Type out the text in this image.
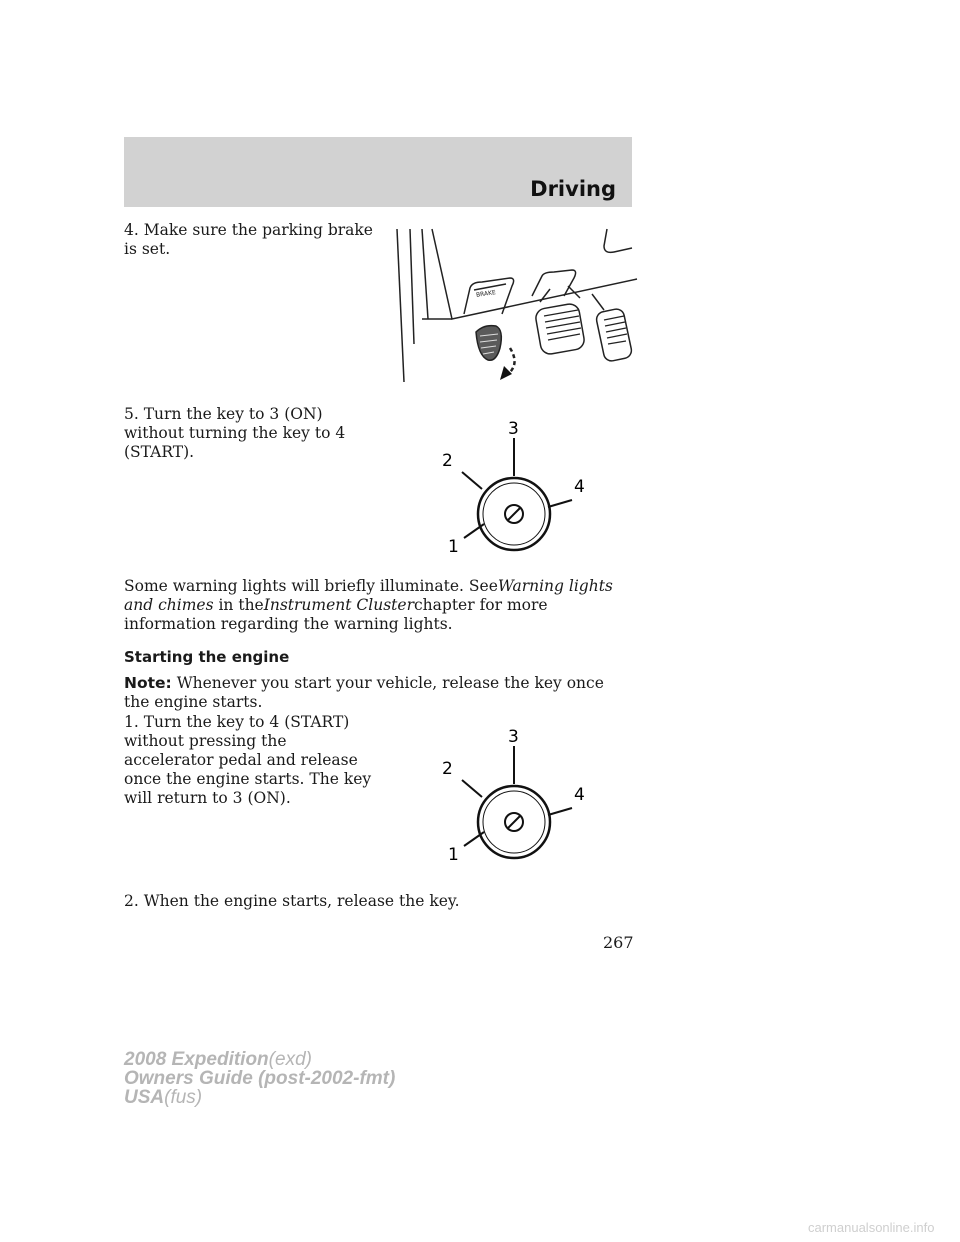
Driving
4. Make sure the parking brake is set.
BRAKE
5. Turn the key to 3 (ON) without turning the key to 4 (START).
3
2
4
1
Some warning lights will briefly illuminate. SeeWarning lights and chimes in theInstrument Clusterchapter for more information regarding the warning lights.
Starting the engine
Note: Whenever you start your vehicle, release the key once the engine starts.
1. Turn the key to 4 (START) without pressing the accelerator pedal and release once the engine starts. The key will return to 3 (ON).
3
2
4
1
2. When the engine starts, release the key.
267
2008 Expedition(exd)
Owners Guide (post-2002-fmt)
USA(fus)
carmanualsonline.info
